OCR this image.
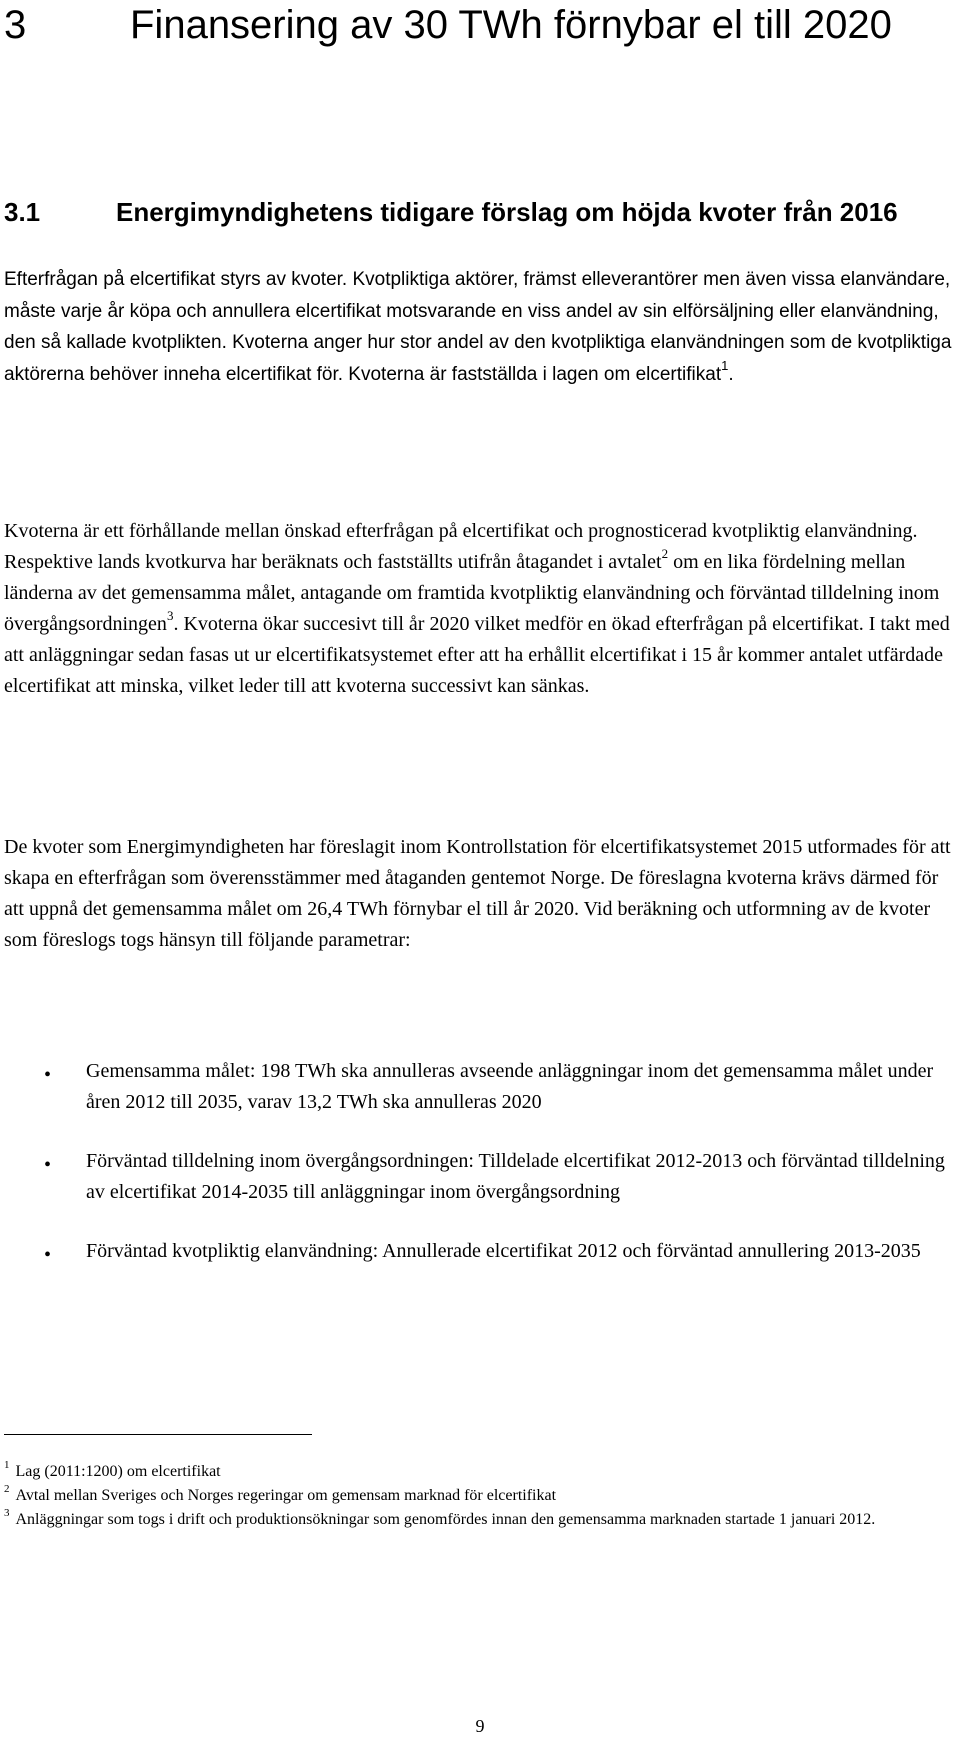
3	Finansering av 30 TWh förnybar el till 2020
3.1	Energimyndighetens tidigare förslag om höjda kvoter från 2016

Efterfrågan på elcertifikat styrs av kvoter. Kvotpliktiga aktörer, främst elleverantörer men även vissa elanvändare, måste varje år köpa och annullera elcertifikat motsvarande en viss andel av sin elförsäljning eller elanvändning, den så kallade kvotplikten. Kvoterna anger hur stor andel av den kvotpliktiga elanvändningen som de kvotpliktiga aktörerna behöver inneha elcertifikat för. Kvoterna är fastställda i lagen om elcertifikat$^1$.

Kvoterna är ett förhållande mellan önskad efterfrågan på elcertifikat och prognosticerad kvotpliktig elanvändning. Respektive lands kvotkurva har beräknats och fastställts utifrån åtagandet i avtalet$^2$ om en lika fördelning mellan länderna av det gemensamma målet, antagande om framtida kvotpliktig elanvändning och förväntad tilldelning inom övergångsordningen$^3$. Kvoterna ökar succesivt till år 2020 vilket medför en ökad efterfrågan på elcertifikat. I takt med att anläggningar sedan fasas ut ur elcertifikatsystemet efter att ha erhållit elcertifikat i 15 år kommer antalet utfärdade elcertifikat att minska, vilket leder till att kvoterna successivt kan sänkas.

De kvoter som Energimyndigheten har föreslagit inom Kontrollstation för elcertifikatsystemet 2015 utformades för att skapa en efterfrågan som överensstämmer med åtaganden gentemot Norge. De föreslagna kvoterna krävs därmed för att uppnå det gemensamma målet om 26,4 TWh förnybar el till år 2020. Vid beräkning och utformning av de kvoter som föreslogs togs hänsyn till följande parametrar:

• Gemensamma målet: 198 TWh ska annulleras avseende anläggningar inom det gemensamma målet under åren 2012 till 2035, varav 13,2 TWh ska annulleras 2020
• Förväntad tilldelning inom övergångsordningen: Tilldelade elcertifikat 2012-2013 och förväntad tilldelning av elcertifikat 2014-2035 till anläggningar inom övergångsordning
• Förväntad kvotpliktig elanvändning: Annullerade elcertifikat 2012 och förväntad annullering 2013-2035
$^1$ Lag (2011:1200) om elcertifikat
$^2$ Avtal mellan Sveriges och Norges regeringar om gemensam marknad för elcertifikat
$^3$ Anläggningar som togs i drift och produktionsökningar som genomfördes innan den gemensamma marknaden startade 1 januari 2012.
9
